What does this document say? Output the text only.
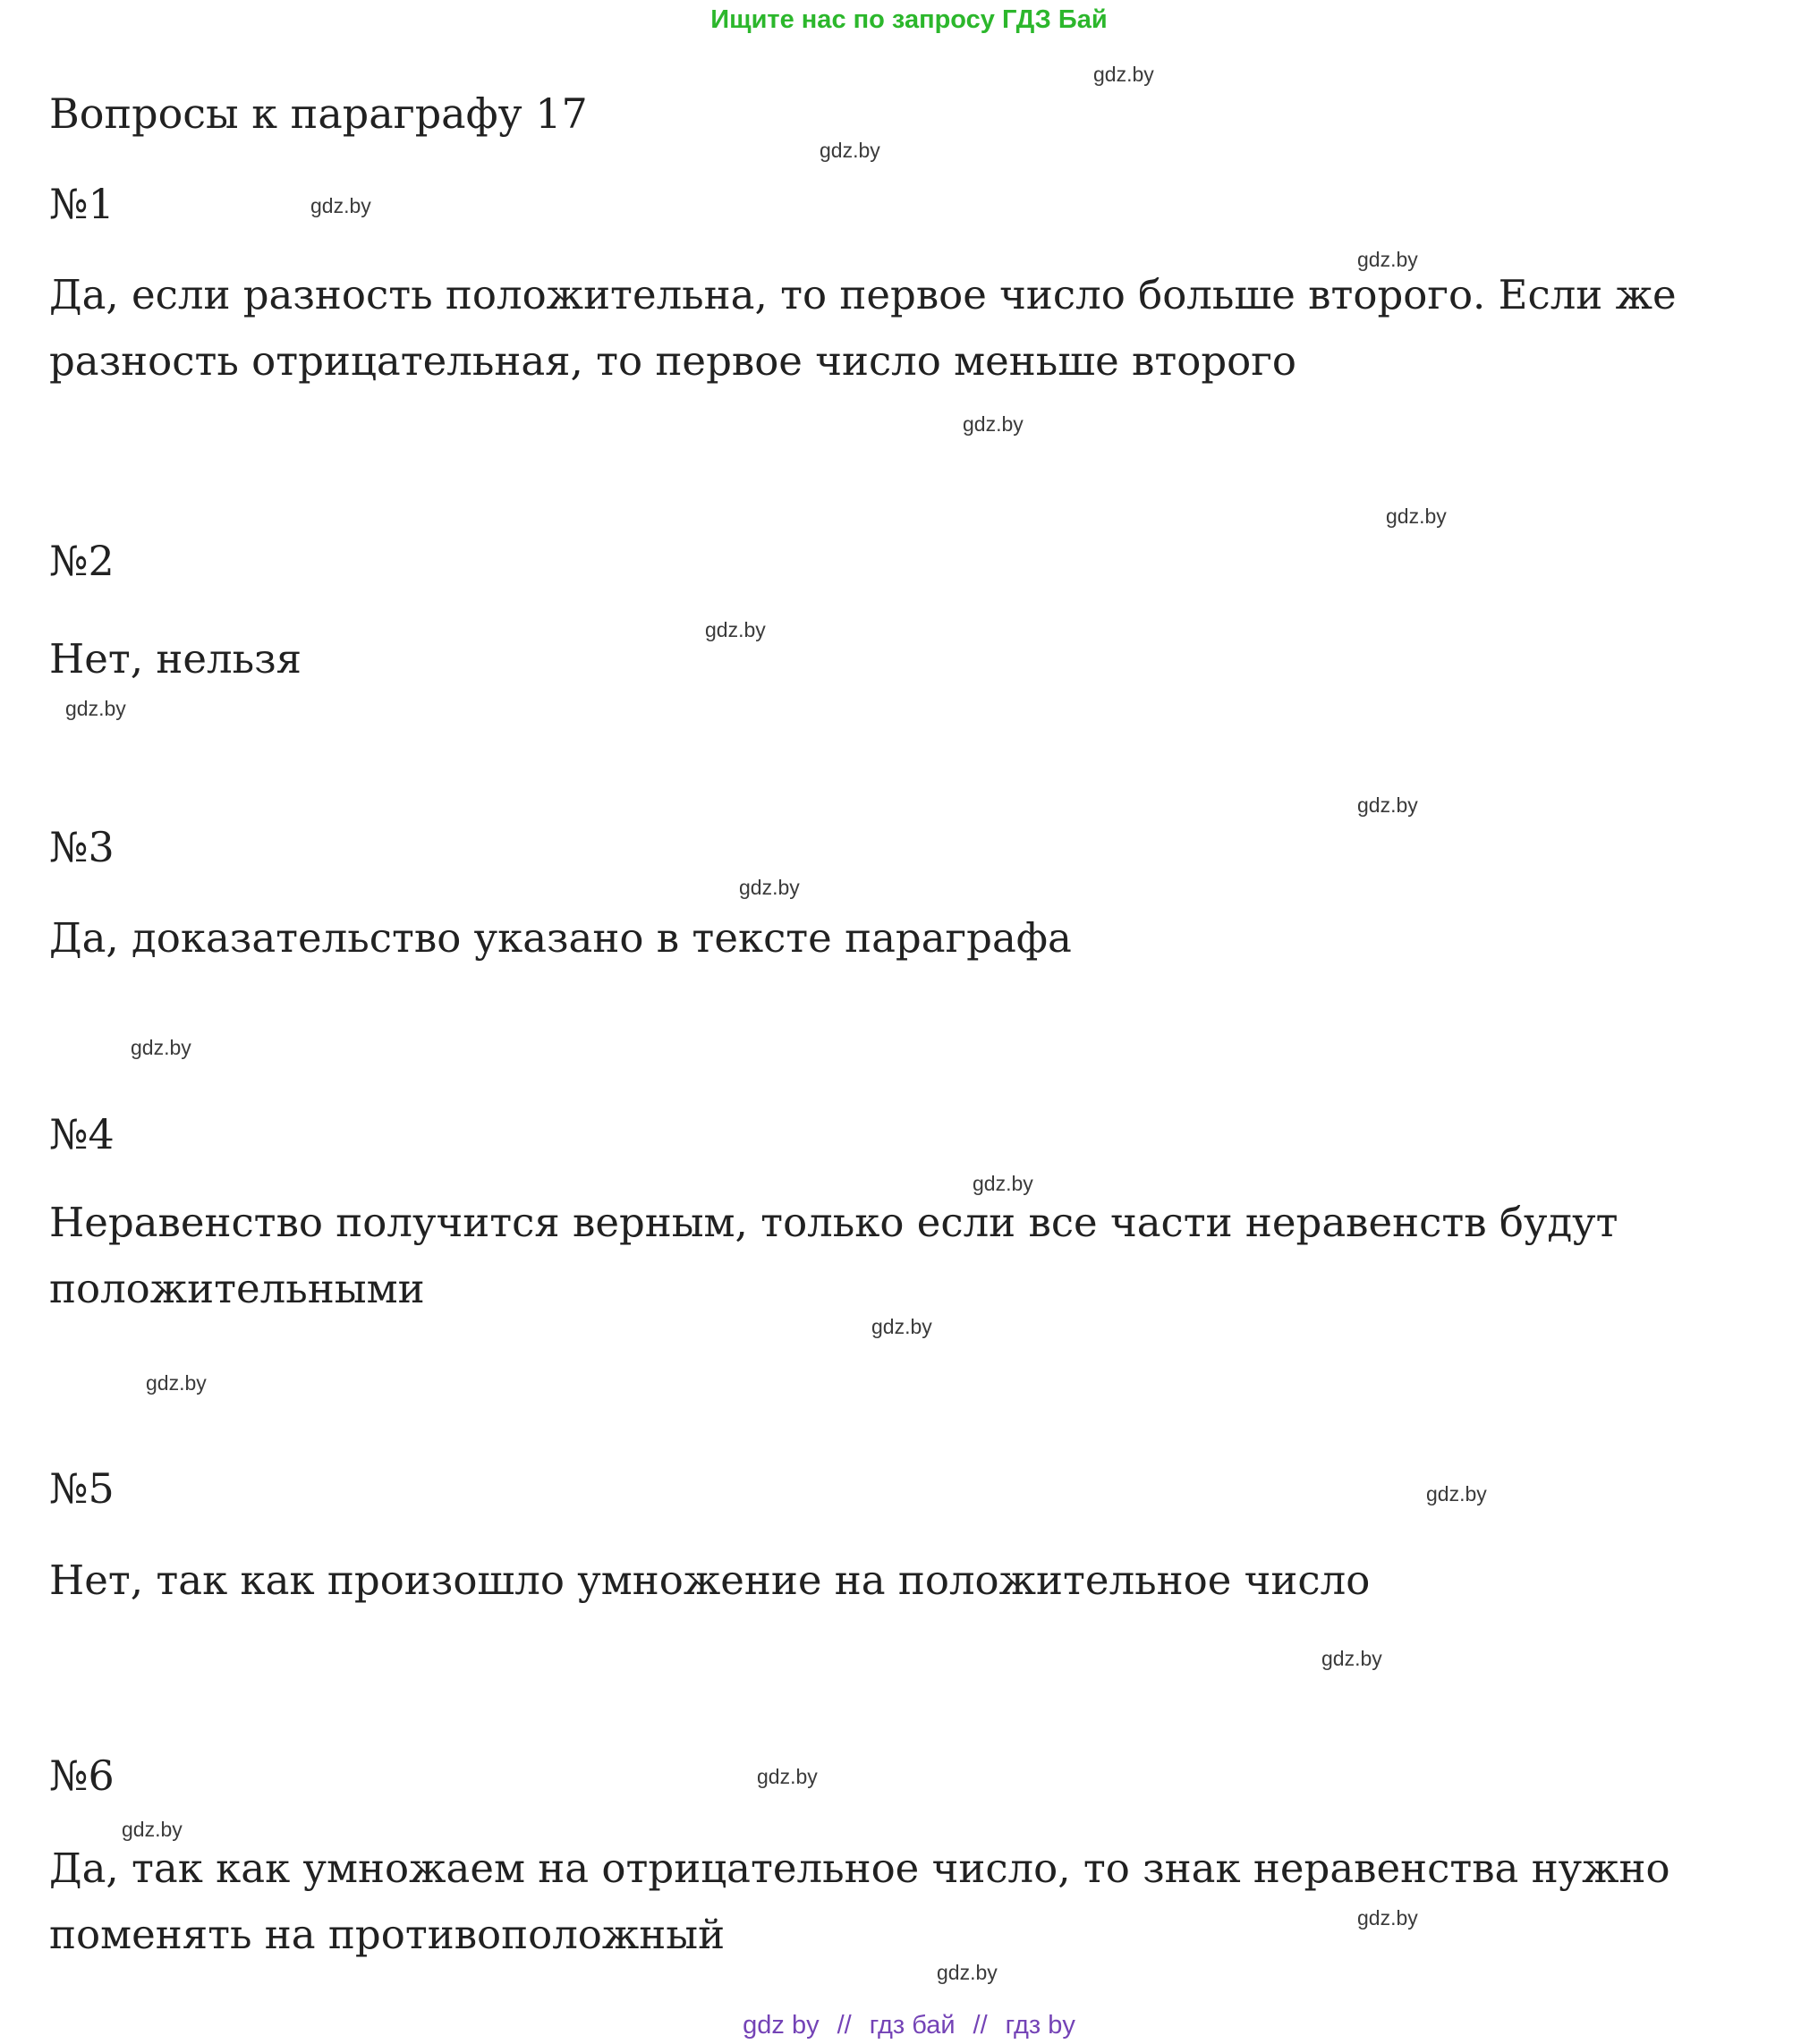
Ищите нас по запросу ГДЗ Бай
gdz.by
gdz.by
gdz.by
gdz.by
gdz.by
gdz.by
gdz.by
gdz.by
gdz.by
gdz.by
gdz.by
gdz.by
gdz.by
gdz.by
gdz.by
gdz.by
gdz.by
gdz.by
gdz.by
gdz.by
Вопросы к параграфу 17
№1
Да, если разность положительна, то первое число больше второго. Если же разность отрицательная, то первое число меньше второго
№2
Нет, нельзя
№3
Да, доказательство указано в тексте параграфа
№4
Неравенство получится верным, только если все части неравенств будут положительными
№5
Нет, так как произошло умножение на положительное число
№6
Да, так как умножаем на отрицательное число, то знак неравенства нужно поменять на противоположный
gdz by // гдз бай // гдз by
